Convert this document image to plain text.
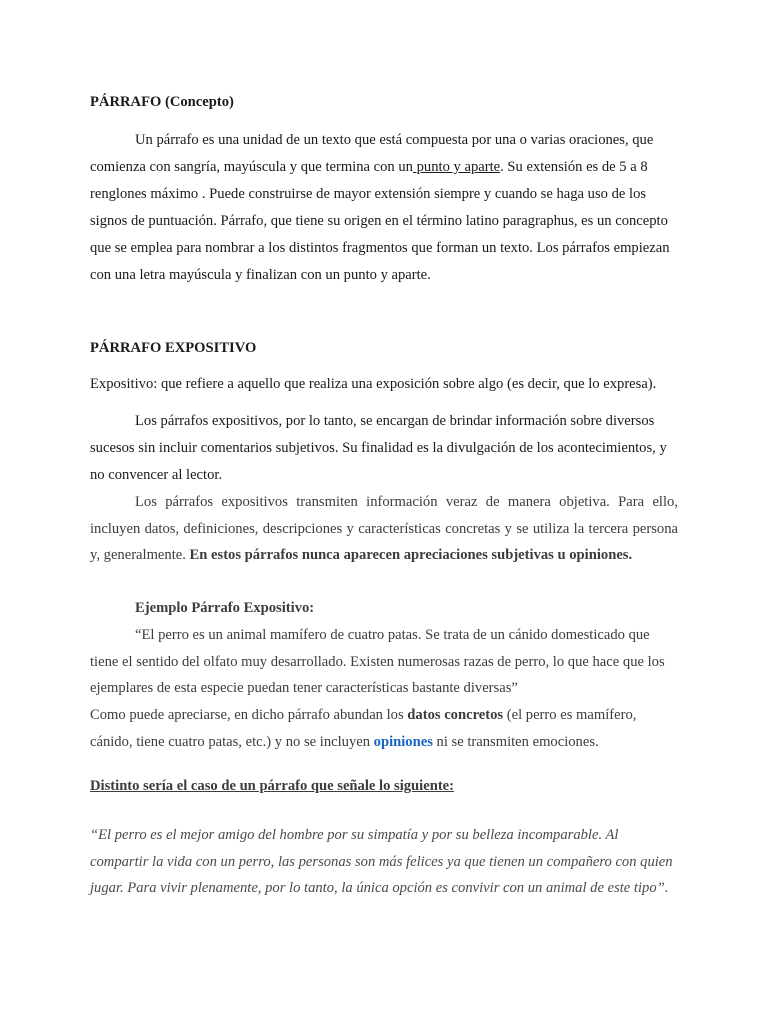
PÁRRAFO (Concepto)

Un párrafo es una unidad de un texto que está compuesta por una o varias oraciones, que comienza con sangría, mayúscula y que termina con un punto y aparte. Su extensión es de 5 a 8 renglones máximo . Puede construirse de mayor extensión siempre y cuando se haga uso de los signos de puntuación. Párrafo, que tiene su origen en el término latino paragraphus, es un concepto que se emplea para nombrar a los distintos fragmentos que forman un texto. Los párrafos empiezan con una letra mayúscula y finalizan con un punto y aparte.

PÁRRAFO EXPOSITIVO

Expositivo: que refiere a aquello que realiza una exposición sobre algo (es decir, que lo expresa).

Los párrafos expositivos, por lo tanto, se encargan de brindar información sobre diversos sucesos sin incluir comentarios subjetivos. Su finalidad es la divulgación de los acontecimientos, y no convencer al lector.

Los párrafos expositivos transmiten información veraz de manera objetiva. Para ello, incluyen datos, definiciones, descripciones y características concretas y se utiliza la tercera persona y, generalmente. En estos párrafos nunca aparecen apreciaciones subjetivas u opiniones.

Ejemplo Párrafo Expositivo:

“El perro es un animal mamífero de cuatro patas. Se trata de un cánido domesticado que tiene el sentido del olfato muy desarrollado. Existen numerosas razas de perro, lo que hace que los ejemplares de esta especie puedan tener características bastante diversas”

Como puede apreciarse, en dicho párrafo abundan los datos concretos (el perro es mamífero, cánido, tiene cuatro patas, etc.) y no se incluyen opiniones ni se transmiten emociones.

Distinto sería el caso de un párrafo que señale lo siguiente:

“El perro es el mejor amigo del hombre por su simpatía y por su belleza incomparable. Al compartir la vida con un perro, las personas son más felices ya que tienen un compañero con quien jugar. Para vivir plenamente, por lo tanto, la única opción es convivir con un animal de este tipo”.
